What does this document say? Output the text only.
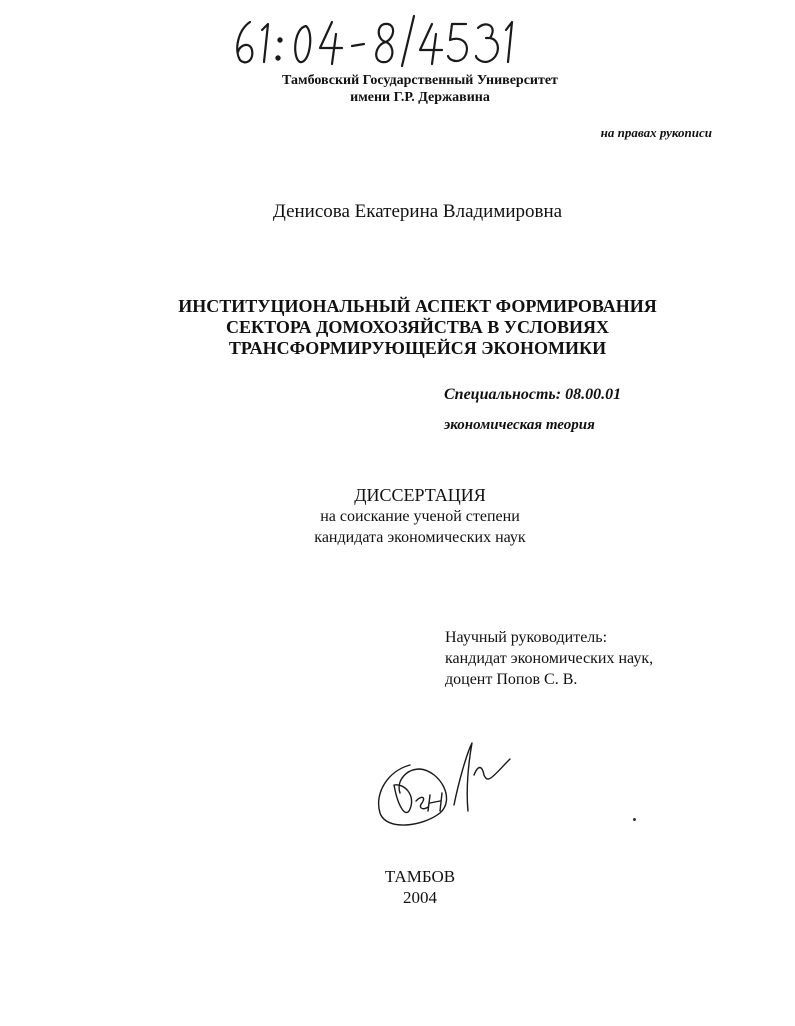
Тамбовский Государственный Университет
имени Г.Р. Державина
на правах рукописи
Денисова Екатерина Владимировна
ИНСТИТУЦИОНАЛЬНЫЙ АСПЕКТ ФОРМИРОВАНИЯ
СЕКТОРА ДОМОХОЗЯЙСТВА В УСЛОВИЯХ
ТРАНСФОРМИРУЮЩЕЙСЯ ЭКОНОМИКИ
Специальность: 08.00.01
экономическая теория
ДИССЕРТАЦИЯ
на соискание ученой степени
кандидата экономических наук
Научный руководитель:
кандидат экономических наук,
доцент Попов С. В.
ТАМБОВ
2004
